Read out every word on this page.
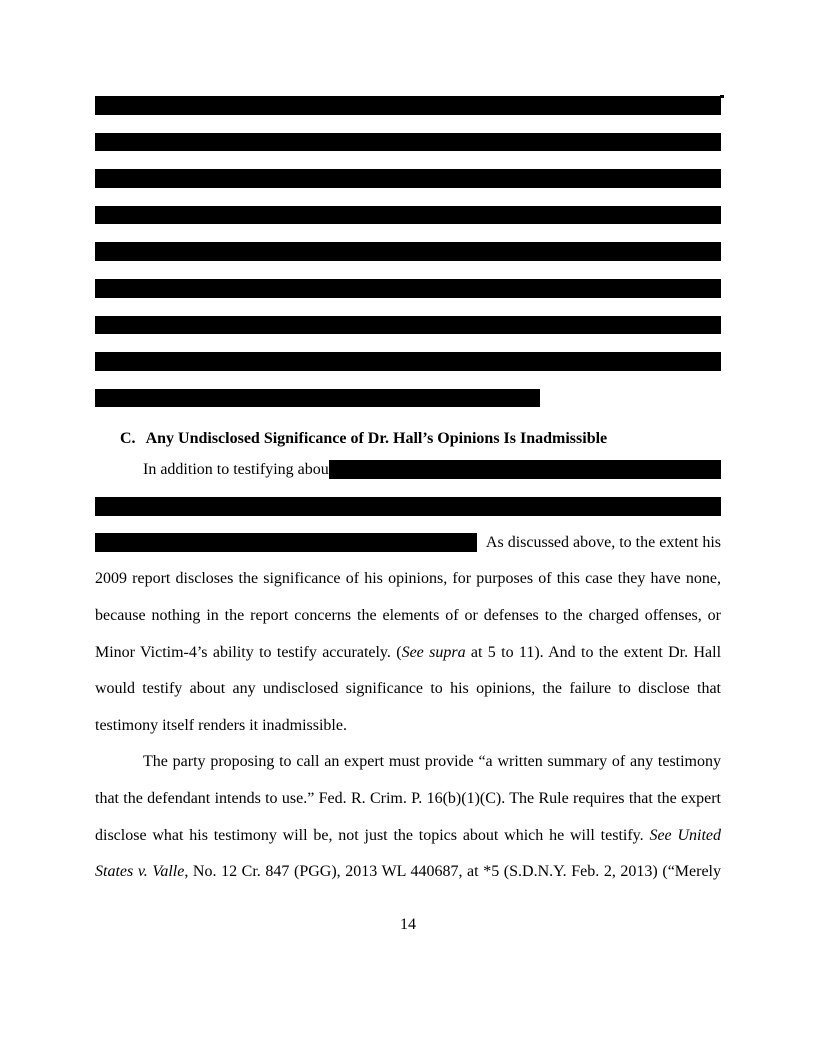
C. Any Undisclosed Significance of Dr. Hall’s Opinions Is Inadmissible
In addition to testifying abou
As discussed above, to the extent his
2009 report discloses the significance of his opinions, for purposes of this case they have none,
because nothing in the report concerns the elements of or defenses to the charged offenses, or
Minor Victim-4’s ability to testify accurately. (See supra at 5 to 11). And to the extent Dr. Hall
would testify about any undisclosed significance to his opinions, the failure to disclose that
testimony itself renders it inadmissible.
The party proposing to call an expert must provide “a written summary of any testimony
that the defendant intends to use.” Fed. R. Crim. P. 16(b)(1)(C). The Rule requires that the expert
disclose what his testimony will be, not just the topics about which he will testify. See United
States v. Valle, No. 12 Cr. 847 (PGG), 2013 WL 440687, at *5 (S.D.N.Y. Feb. 2, 2013) (“Merely
14
